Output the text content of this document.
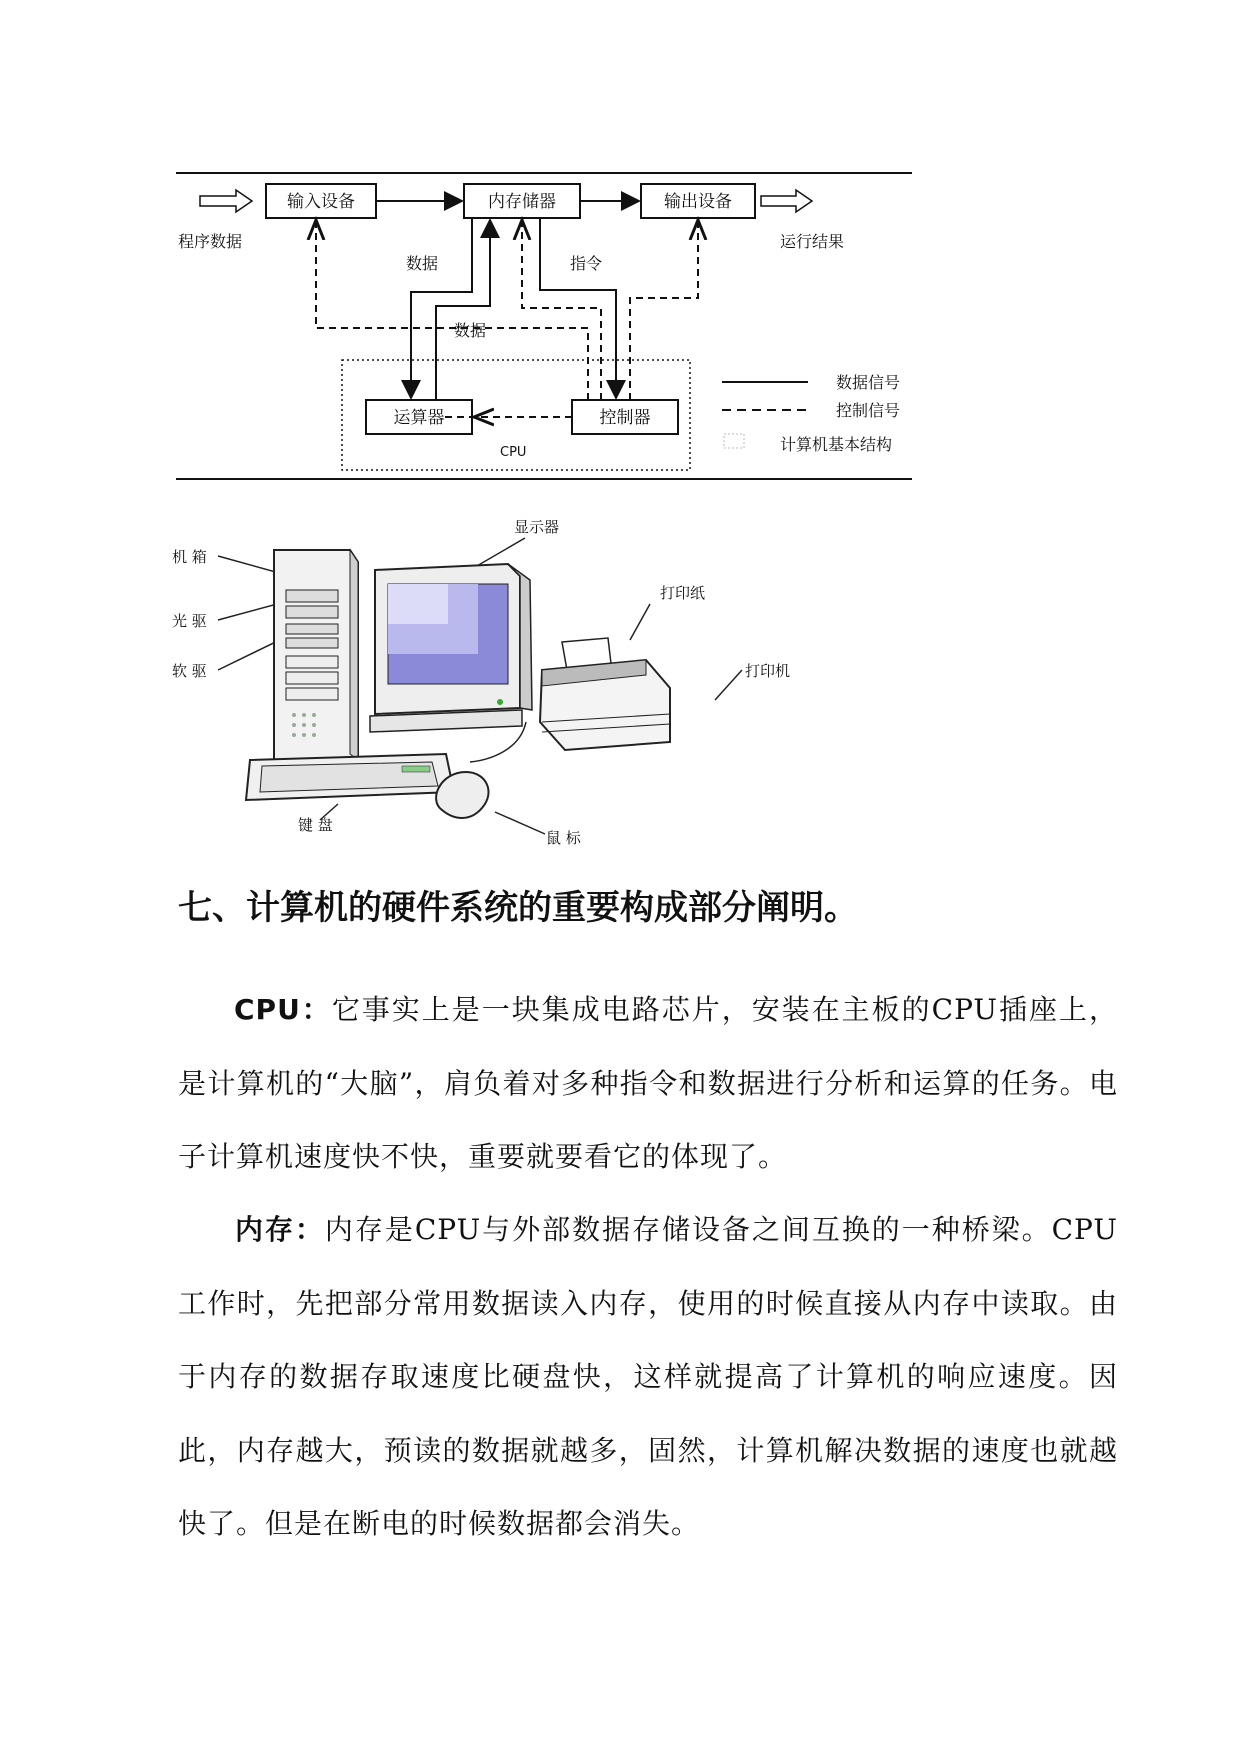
输入设备	内存储器	输出设备
运算器	控制器
CPU
程序数据	运行结果
数据
数据
指令
数据信号
控制信号
计算机基本结构
机 箱
光 驱
软 驱
显示器
打印纸
打印机
键 盘
鼠 标
七、计算机的硬件系统的重要构成部分阐明。
CPU：它事实上是一块集成电路芯片，安装在主板的CPU插座上，是计算机的“大脑”，肩负着对多种指令和数据进行分析和运算的任务。电子计算机速度快不快，重要就要看它的体现了。
内存：内存是CPU与外部数据存储设备之间互换的一种桥梁。CPU工作时，先把部分常用数据读入内存，使用的时候直接从内存中读取。由于内存的数据存取速度比硬盘快，这样就提高了计算机的响应速度。因此，内存越大，预读的数据就越多，固然，计算机解决数据的速度也就越快了。但是在断电的时候数据都会消失。
